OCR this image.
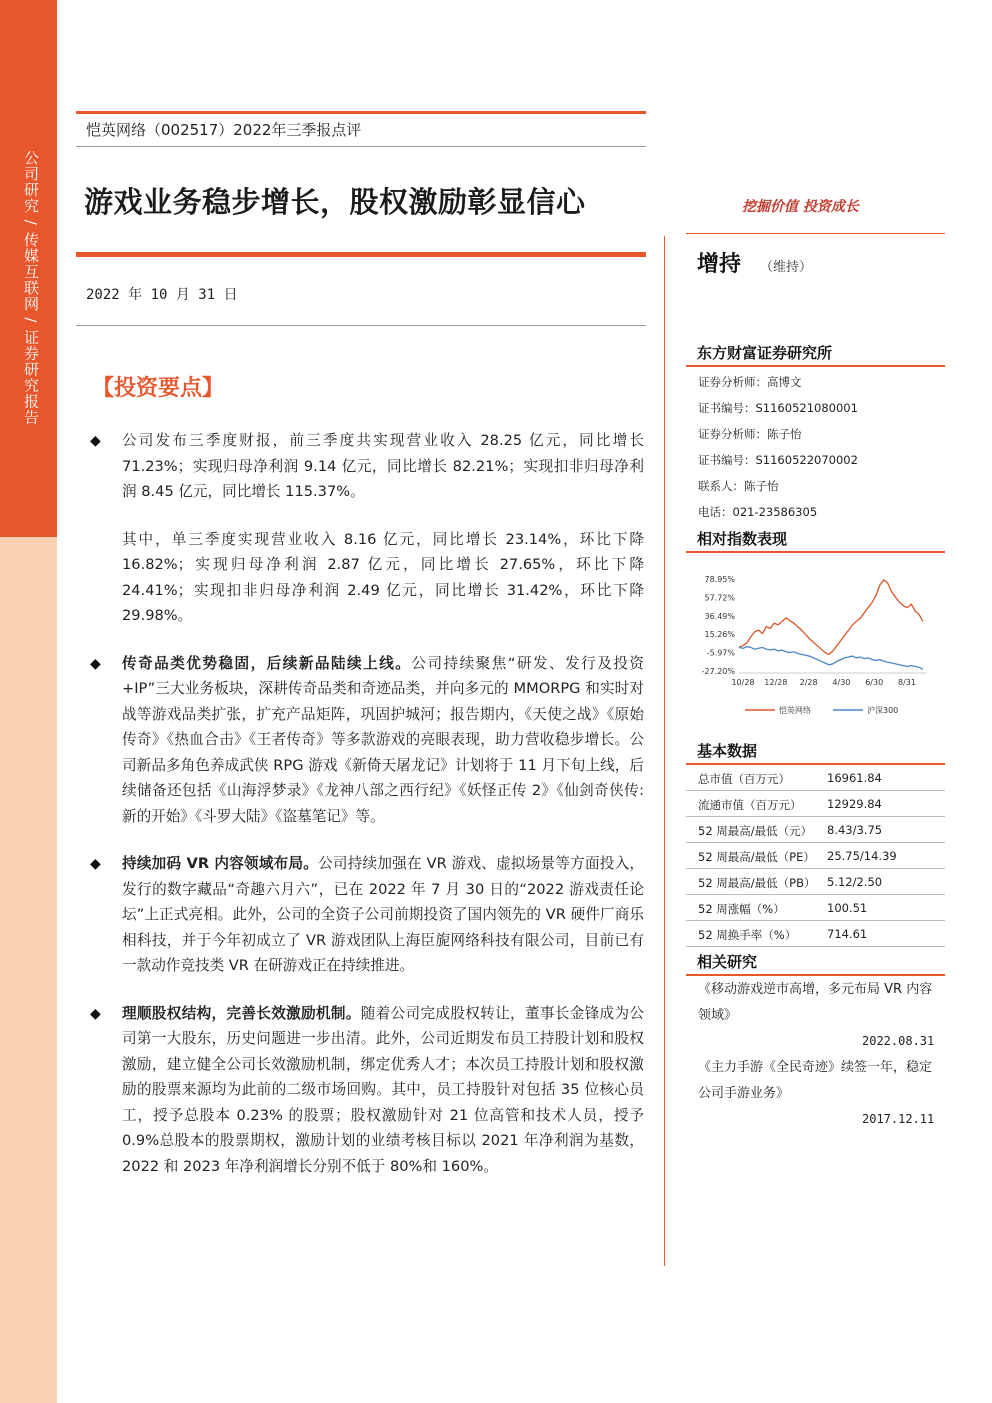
公司研究 / 传媒互联网 / 证券研究报告
恺英网络（002517）2022年三季报点评
游戏业务稳步增长，股权激励彰显信心
2022 年 10 月 31 日
【投资要点】

◆ 公司发布三季度财报，前三季度共实现营业收入 28.25 亿元，同比增长 71.23%；实现归母净利润 9.14 亿元，同比增长 82.21%；实现扣非归母净利润 8.45 亿元，同比增长 115.37%。

其中，单三季度实现营业收入 8.16 亿元，同比增长 23.14%，环比下降 16.82%；实现归母净利润 2.87 亿元，同比增长 27.65%，环比下降 24.41%；实现扣非归母净利润 2.49 亿元，同比增长 31.42%，环比下降 29.98%。

◆ 传奇品类优势稳固，后续新品陆续上线。公司持续聚焦“研发、发行及投资+IP”三大业务板块，深耕传奇品类和奇迹品类，并向多元的 MMORPG 和实时对战等游戏品类扩张，扩充产品矩阵，巩固护城河；报告期内，《天使之战》《原始传奇》《热血合击》《王者传奇》等多款游戏的亮眼表现，助力营收稳步增长。公司新品多角色养成武侠 RPG 游戏《新倚天屠龙记》计划将于 11 月下旬上线，后续储备还包括《山海浮梦录》《龙神八部之西行纪》《妖怪正传 2》《仙剑奇侠传:新的开始》《斗罗大陆》《盗墓笔记》等。

◆ 持续加码 VR 内容领域布局。公司持续加强在 VR 游戏、虚拟场景等方面投入，发行的数字藏品“奇趣六月六”，已在 2022 年 7 月 30 日的“2022 游戏责任论坛”上正式亮相。此外，公司的全资子公司前期投资了国内领先的 VR 硬件厂商乐相科技，并于今年初成立了 VR 游戏团队上海臣旎网络科技有限公司，目前已有一款动作竞技类 VR 在研游戏正在持续推进。

◆ 理顺股权结构，完善长效激励机制。随着公司完成股权转让，董事长金锋成为公司第一大股东，历史问题进一步出清。此外，公司近期发布员工持股计划和股权激励，建立健全公司长效激励机制，绑定优秀人才；本次员工持股计划和股权激励的股票来源均为此前的二级市场回购。其中，员工持股针对包括 35 位核心员工，授予总股本 0.23% 的股票；股权激励针对 21 位高管和技术人员，授予 0.9%总股本的股票期权，激励计划的业绩考核目标以 2021 年净利润为基数，2022 和 2023 年净利润增长分别不低于 80%和 160%。

挖掘价值 投资成长
增持 （维持）
东方财富证券研究所
证券分析师：高博文
证书编号：S1160521080001
证券分析师：陈子怡
证书编号：S1160522070002
联系人：陈子怡
电话：021-23586305
相对指数表现
78.95%
57.72%
36.49%
15.26%
-5.97%
-27.20%
10/28 12/28 2/28 4/30 6/30 8/31
恺英网络	沪深300
基本数据
总市值（百万元）	16961.84
流通市值（百万元） 12929.84
52 周最高/最低（元） 8.43/3.75
52 周最高/最低（PE） 25.75/14.39
52 周最高/最低（PB） 5.12/2.50
52 周涨幅（%）	100.51
52 周换手率（%）	714.61
相关研究
《移动游戏逆市高增，多元布局 VR 内容领域》
2022.08.31
《主力手游《全民奇迹》续签一年，稳定公司手游业务》
2017.12.11
